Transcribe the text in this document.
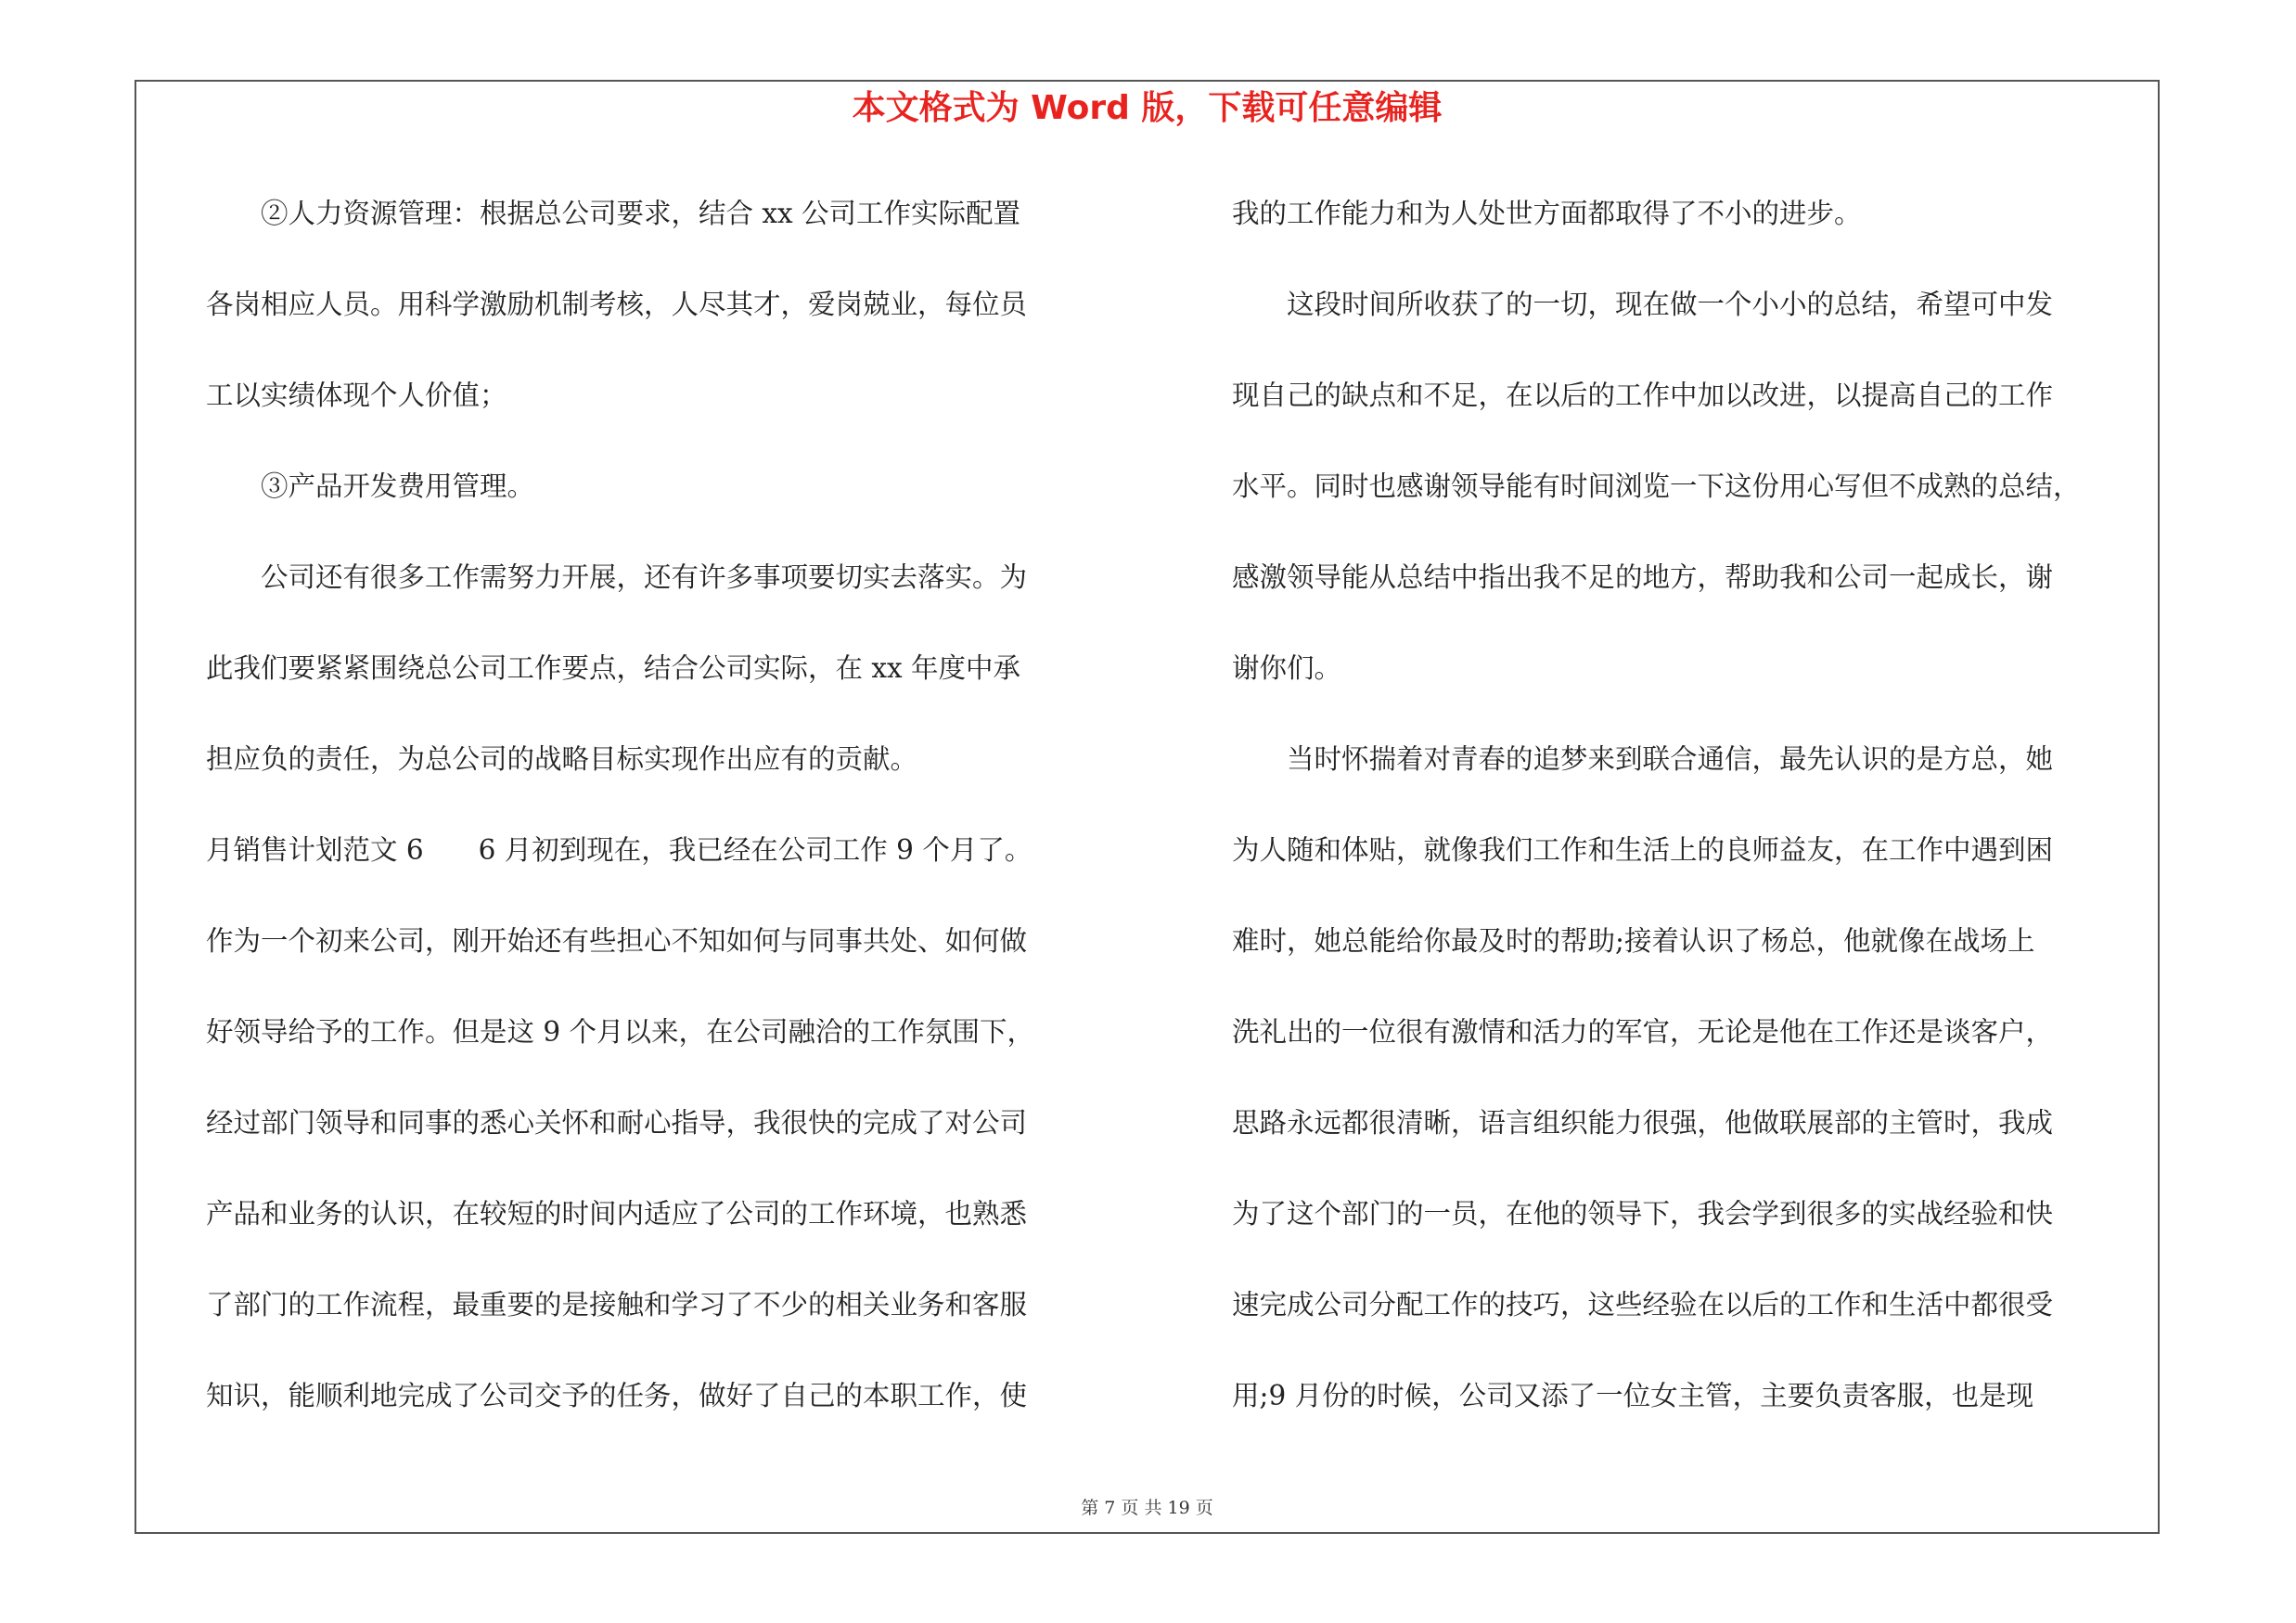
本文格式为 Word 版，下载可任意编辑
　　②人力资源管理：根据总公司要求，结合 xx 公司工作实际配置
各岗相应人员。用科学激励机制考核，人尽其才，爱岗兢业，每位员
工以实绩体现个人价值；
　　③产品开发费用管理。
　　公司还有很多工作需努力开展，还有许多事项要切实去落实。为
此我们要紧紧围绕总公司工作要点，结合公司实际，在 xx 年度中承
担应负的责任，为总公司的战略目标实现作出应有的贡献。
月销售计划范文 6　　6 月初到现在，我已经在公司工作 9 个月了。
作为一个初来公司，刚开始还有些担心不知如何与同事共处、如何做
好领导给予的工作。但是这 9 个月以来，在公司融洽的工作氛围下，
经过部门领导和同事的悉心关怀和耐心指导，我很快的完成了对公司
产品和业务的认识，在较短的时间内适应了公司的工作环境，也熟悉
了部门的工作流程，最重要的是接触和学习了不少的相关业务和客服
知识，能顺利地完成了公司交予的任务，做好了自己的本职工作，使
我的工作能力和为人处世方面都取得了不小的进步。
　　这段时间所收获了的一切，现在做一个小小的总结，希望可中发
现自己的缺点和不足，在以后的工作中加以改进，以提高自己的工作
水平。同时也感谢领导能有时间浏览一下这份用心写但不成熟的总结，
感激领导能从总结中指出我不足的地方，帮助我和公司一起成长，谢
谢你们。
　　当时怀揣着对青春的追梦来到联合通信，最先认识的是方总，她
为人随和体贴，就像我们工作和生活上的良师益友，在工作中遇到困
难时，她总能给你最及时的帮助;接着认识了杨总，他就像在战场上
洗礼出的一位很有激情和活力的军官，无论是他在工作还是谈客户，
思路永远都很清晰，语言组织能力很强，他做联展部的主管时，我成
为了这个部门的一员，在他的领导下，我会学到很多的实战经验和快
速完成公司分配工作的技巧，这些经验在以后的工作和生活中都很受
用;9 月份的时候，公司又添了一位女主管，主要负责客服，也是现
第 7 页 共 19 页
